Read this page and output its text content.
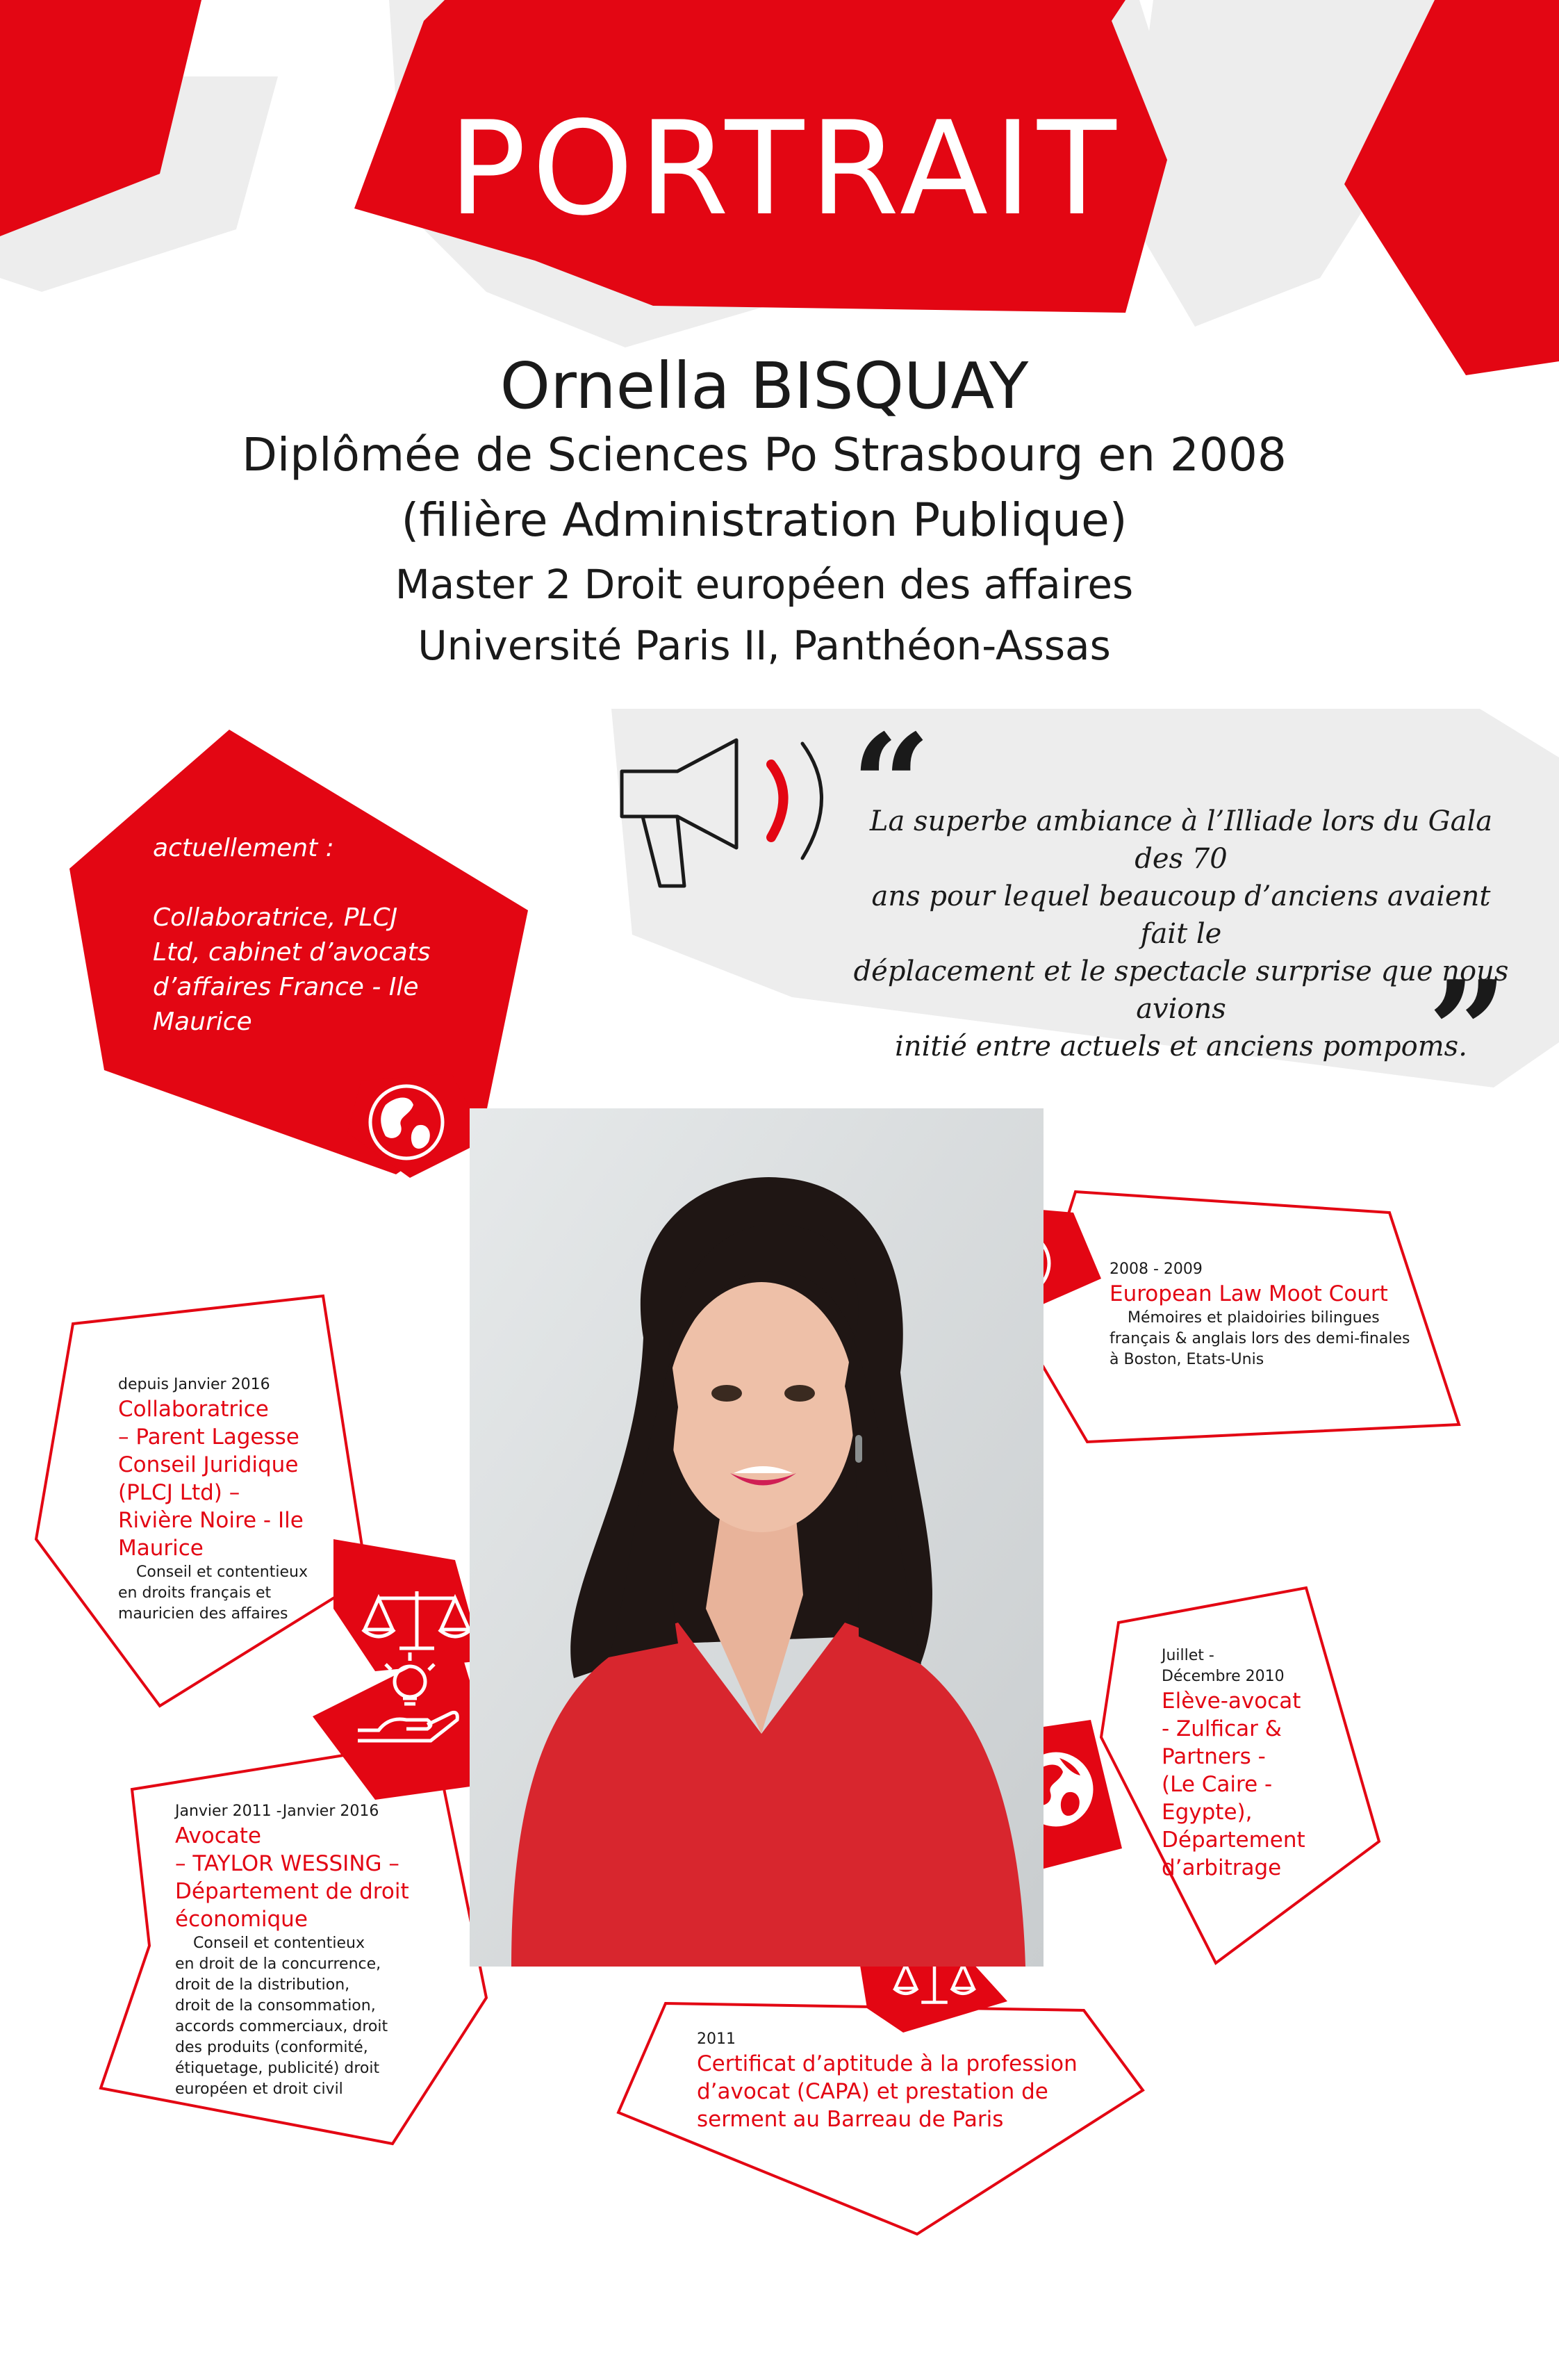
“
”
PORTRAIT
Ornella BISQUAY
Diplômée de Sciences Po Strasbourg en 2008
(filière Administration Publique)
Master 2 Droit européen des affaires
Université Paris II, Panthéon-Assas
actuellement :
Collaboratrice, PLCJ
Ltd, cabinet d’avocats
d’affaires France - Ile
Maurice
La superbe ambiance à l’Illiade lors du Gala des 70
ans pour lequel beaucoup d’anciens avaient fait le
déplacement et le spectacle surprise que nous avions
initié entre actuels et anciens pompoms.
2008 - 2009
European Law Moot Court
Mémoires et plaidoiries bilingues
français & anglais lors des demi-finales
à Boston, Etats-Unis
depuis Janvier 2016
Collaboratrice
– Parent Lagesse
Conseil Juridique
(PLCJ Ltd) –
Rivière Noire - Ile
Maurice
Conseil et contentieux
en droits français et
mauricien des affaires
Juillet -
Décembre 2010
Elève-avocat
- Zulficar &
Partners -
(Le Caire -
Egypte),
Département
d’arbitrage
Janvier 2011 -Janvier 2016
Avocate
– TAYLOR WESSING –
Département de droit
économique
Conseil et contentieux
en droit de la concurrence,
droit de la distribution,
droit de la consommation,
accords commerciaux, droit
des produits (conformité,
étiquetage, publicité) droit
européen et droit civil
2011
Certificat d’aptitude à la profession
d’avocat (CAPA) et prestation de
serment au Barreau de Paris
